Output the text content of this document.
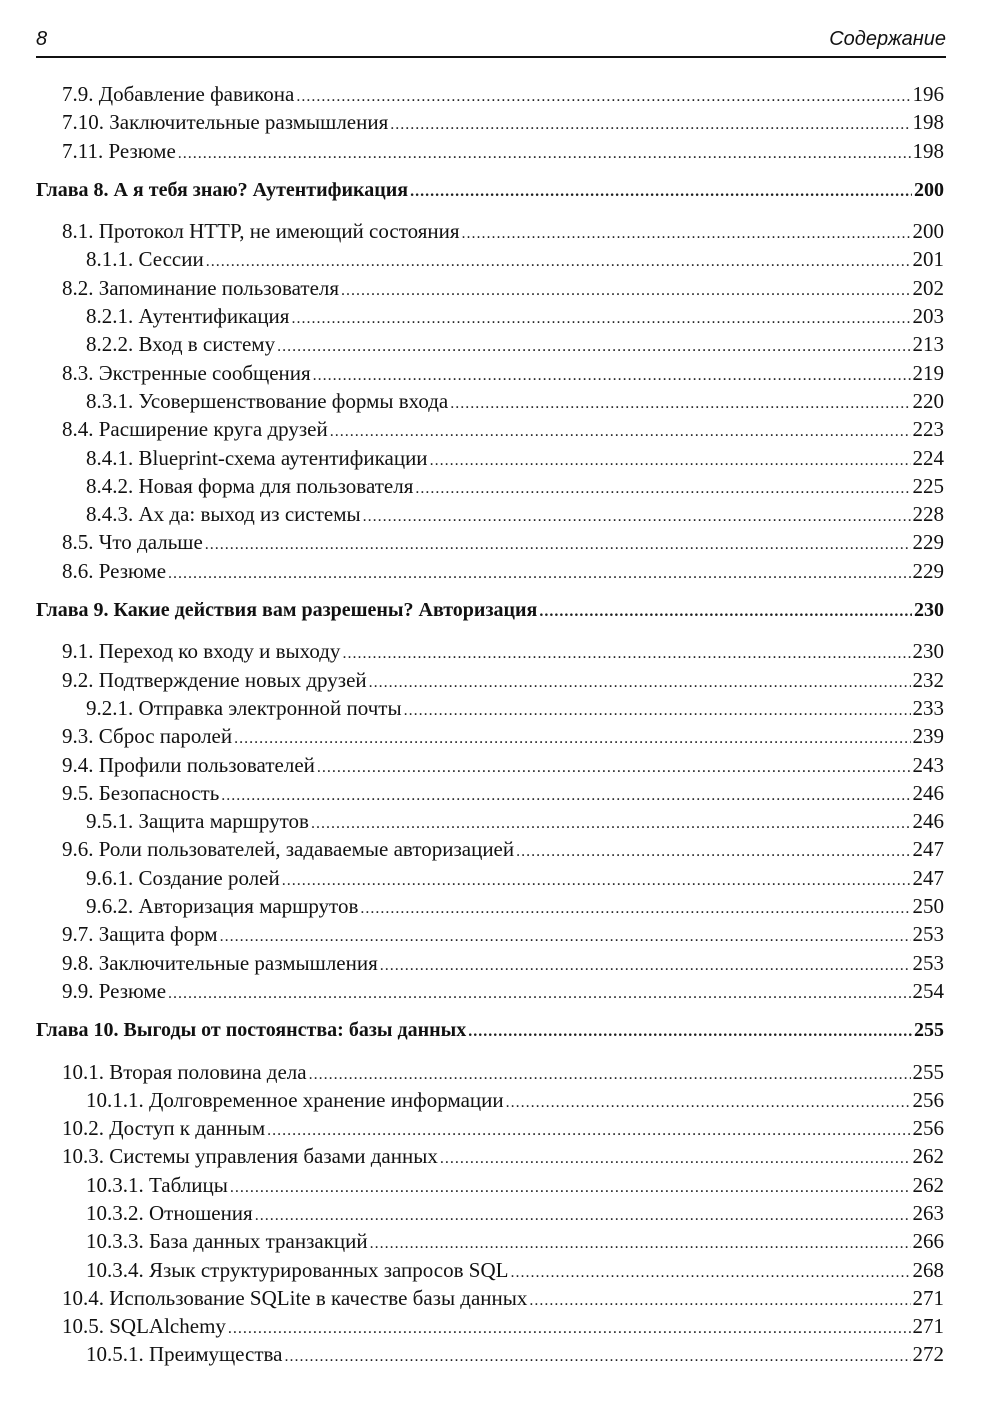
8	Содержание
7.9. Добавление фавикона .....	196
7.10. Заключительные размышления .....	198
7.11. Резюме .....	198
Глава 8. А я тебя знаю? Аутентификация .....	200
8.1. Протокол HTTP, не имеющий состояния .....	200
8.1.1. Сессии .....	201
8.2. Запоминание пользователя .....	202
8.2.1. Аутентификация .....	203
8.2.2. Вход в систему .....	213
8.3. Экстренные сообщения .....	219
8.3.1. Усовершенствование формы входа .....	220
8.4. Расширение круга друзей .....	223
8.4.1. Blueprint-схема аутентификации .....	224
8.4.2. Новая форма для пользователя .....	225
8.4.3. Ах да: выход из системы .....	228
8.5. Что дальше .....	229
8.6. Резюме .....	229
Глава 9. Какие действия вам разрешены? Авторизация .....	230
9.1. Переход ко входу и выходу .....	230
9.2. Подтверждение новых друзей .....	232
9.2.1. Отправка электронной почты .....	233
9.3. Сброс паролей .....	239
9.4. Профили пользователей .....	243
9.5. Безопасность .....	246
9.5.1. Защита маршрутов .....	246
9.6. Роли пользователей, задаваемые авторизацией .....	247
9.6.1. Создание ролей .....	247
9.6.2. Авторизация маршрутов .....	250
9.7. Защита форм .....	253
9.8. Заключительные размышления .....	253
9.9. Резюме .....	254
Глава 10. Выгоды от постоянства: базы данных .....	255
10.1. Вторая половина дела .....	255
10.1.1. Долговременное хранение информации .....	256
10.2. Доступ к данным .....	256
10.3. Системы управления базами данных .....	262
10.3.1. Таблицы .....	262
10.3.2. Отношения .....	263
10.3.3. База данных транзакций .....	266
10.3.4. Язык структурированных запросов SQL .....	268
10.4. Использование SQLite в качестве базы данных .....	271
10.5. SQLAlchemy .....	271
10.5.1. Преимущества .....	272
